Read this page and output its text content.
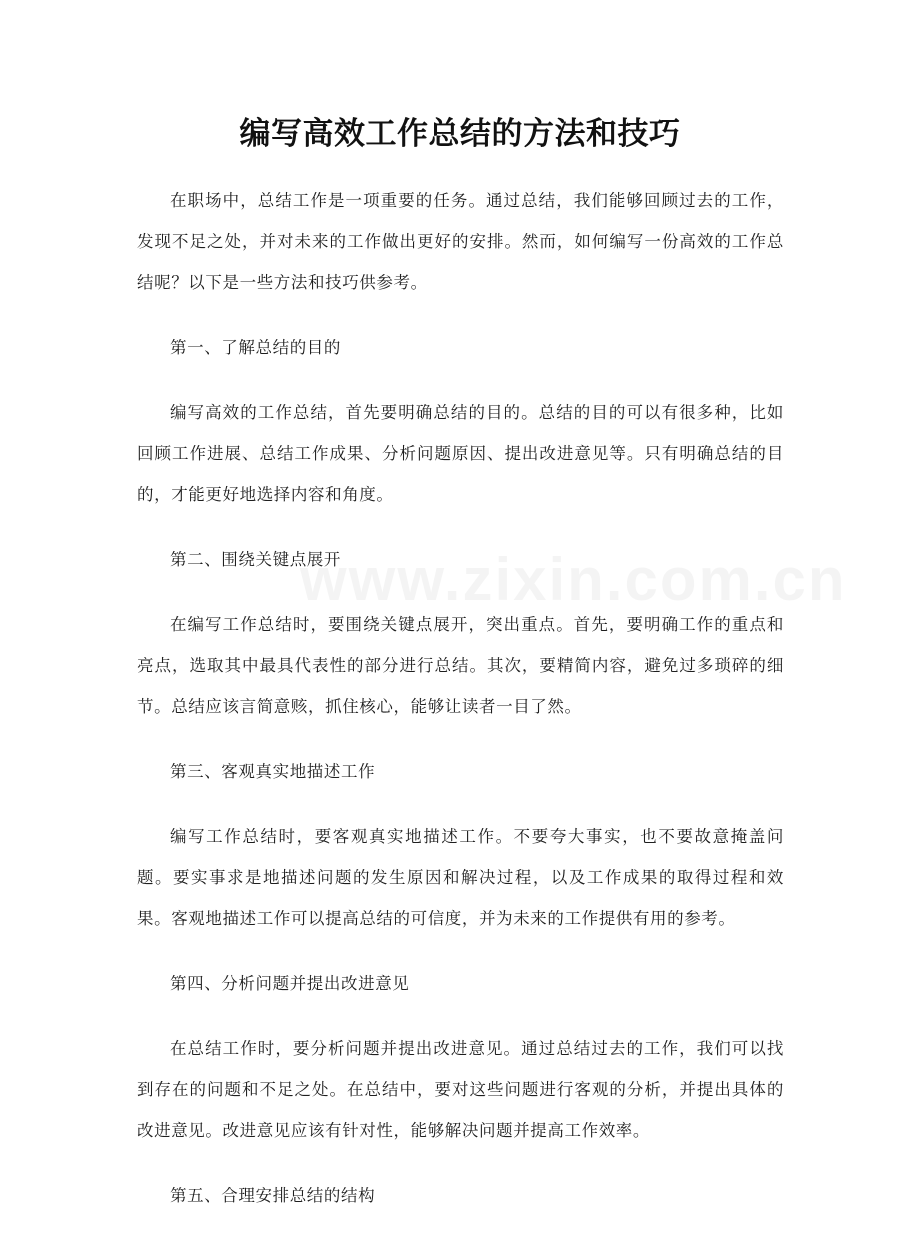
编写高效工作总结的方法和技巧

在职场中，总结工作是一项重要的任务。通过总结，我们能够回顾过去的工作，发现不足之处，并对未来的工作做出更好的安排。然而，如何编写一份高效的工作总结呢？以下是一些方法和技巧供参考。

第一、了解总结的目的

编写高效的工作总结，首先要明确总结的目的。总结的目的可以有很多种，比如回顾工作进展、总结工作成果、分析问题原因、提出改进意见等。只有明确总结的目的，才能更好地选择内容和角度。

第二、围绕关键点展开

在编写工作总结时，要围绕关键点展开，突出重点。首先，要明确工作的重点和亮点，选取其中最具代表性的部分进行总结。其次，要精简内容，避免过多琐碎的细节。总结应该言简意赅，抓住核心，能够让读者一目了然。

第三、客观真实地描述工作

编写工作总结时，要客观真实地描述工作。不要夸大事实，也不要故意掩盖问题。要实事求是地描述问题的发生原因和解决过程，以及工作成果的取得过程和效果。客观地描述工作可以提高总结的可信度，并为未来的工作提供有用的参考。

第四、分析问题并提出改进意见

在总结工作时，要分析问题并提出改进意见。通过总结过去的工作，我们可以找到存在的问题和不足之处。在总结中，要对这些问题进行客观的分析，并提出具体的改进意见。改进意见应该有针对性，能够解决问题并提高工作效率。

第五、合理安排总结的结构
